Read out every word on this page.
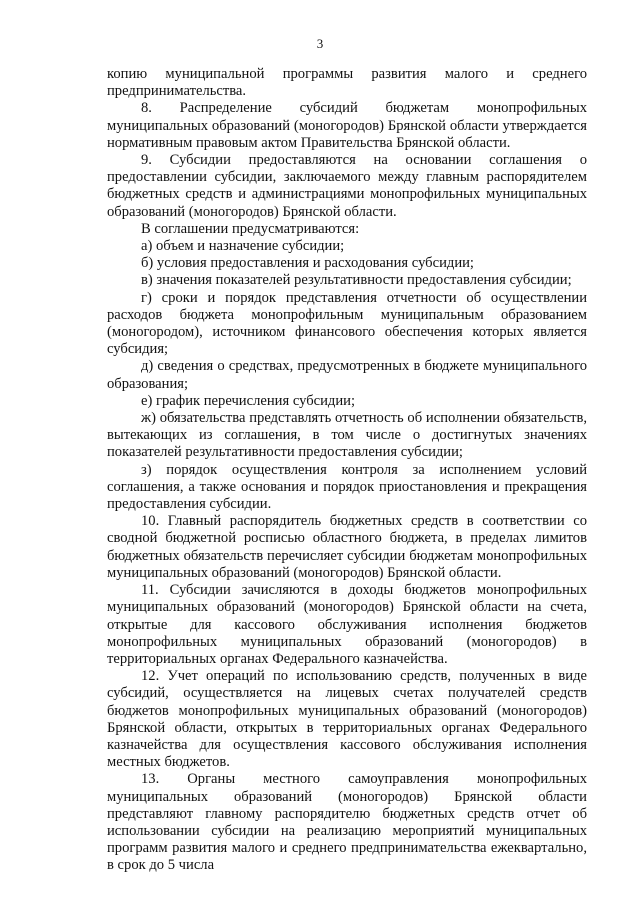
3

копию муниципальной программы развития малого и среднего предпринимательства.

8. Распределение субсидий бюджетам монопрофильных муниципальных образований (моногородов) Брянской области утверждается нормативным правовым актом Правительства Брянской области.

9. Субсидии предоставляются на основании соглашения о предоставлении субсидии, заключаемого между главным распорядителем бюджетных средств и администрациями монопрофильных муниципальных образований (моногородов) Брянской области.

В соглашении предусматриваются:

а) объем и назначение субсидии;

б) условия предоставления и расходования субсидии;

в) значения показателей результативности предоставления субсидии;

г) сроки и порядок представления отчетности об осуществлении расходов бюджета монопрофильным муниципальным образованием (моногородом), источником финансового обеспечения которых является субсидия;

д) сведения о средствах, предусмотренных в бюджете муниципального образования;

е) график перечисления субсидии;

ж) обязательства представлять отчетность об исполнении обязательств, вытекающих из соглашения, в том числе о достигнутых значениях показателей результативности предоставления субсидии;

з) порядок осуществления контроля за исполнением условий соглашения, а также основания и порядок приостановления и прекращения предоставления субсидии.

10. Главный распорядитель бюджетных средств в соответствии со сводной бюджетной росписью областного бюджета, в пределах лимитов бюджетных обязательств перечисляет субсидии бюджетам монопрофильных муниципальных образований (моногородов) Брянской области.

11. Субсидии зачисляются в доходы бюджетов монопрофильных муниципальных образований (моногородов) Брянской области на счета, открытые для кассового обслуживания исполнения бюджетов монопрофильных муниципальных образований (моногородов) в территориальных органах Федерального казначейства.

12. Учет операций по использованию средств, полученных в виде субсидий, осуществляется на лицевых счетах получателей средств бюджетов монопрофильных муниципальных образований (моногородов) Брянской области, открытых в территориальных органах Федерального казначейства для осуществления кассового обслуживания исполнения местных бюджетов.

13. Органы местного самоуправления монопрофильных муниципальных образований (моногородов) Брянской области представляют главному распорядителю бюджетных средств отчет об использовании субсидии на реализацию мероприятий муниципальных программ развития малого и среднего предпринимательства ежеквартально, в срок до 5 числа
